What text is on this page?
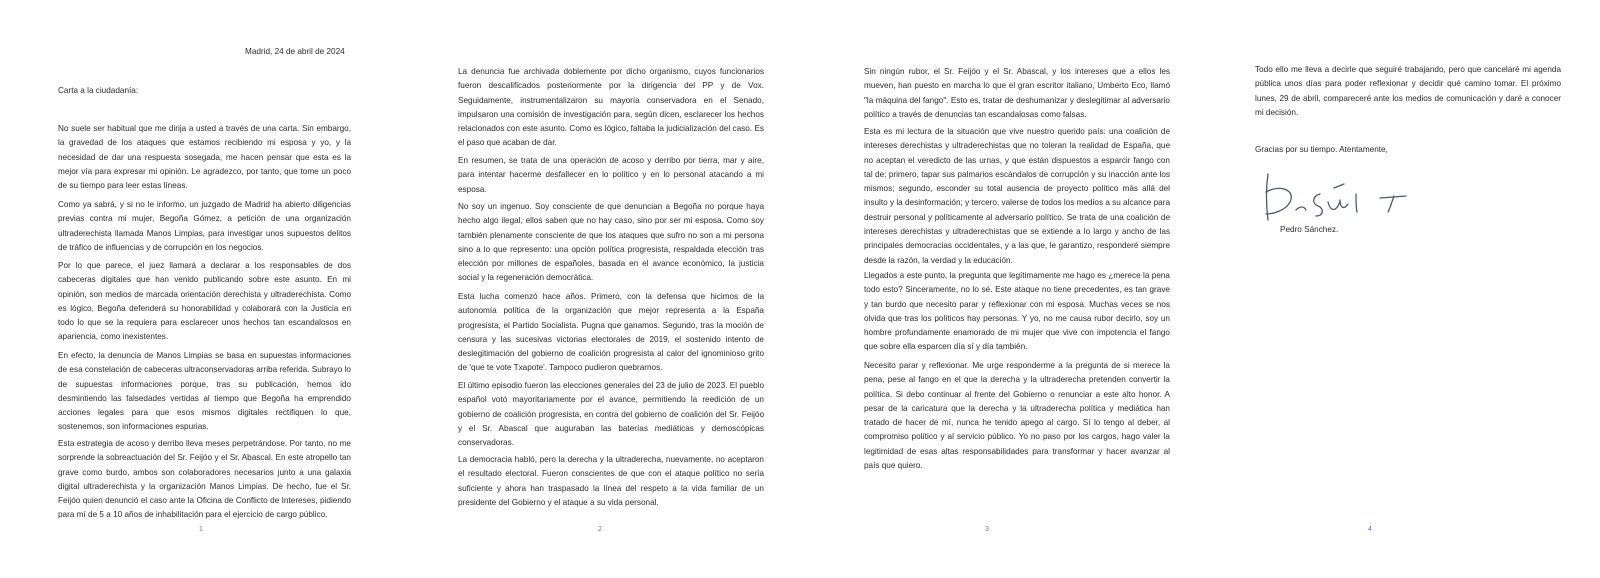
Madrid, 24 de abril de 2024

Carta a la ciudadanía:

No suele ser habitual que me dirija a usted a través de una carta. Sin embargo, la gravedad de los ataques que estamos recibiendo mi esposa y yo, y la necesidad de dar una respuesta sosegada, me hacen pensar que esta es la mejor vía para expresar mi opinión. Le agradezco, por tanto, que tome un poco de su tiempo para leer estas líneas.

Como ya sabrá, y si no le informo, un juzgado de Madrid ha abierto diligencias previas contra mi mujer, Begoña Gómez, a petición de una organización ultraderechista llamada Manos Limpias, para investigar unos supuestos delitos de tráfico de influencias y de corrupción en los negocios.

Por lo que parece, el juez llamará a declarar a los responsables de dos cabeceras digitales que han venido publicando sobre este asunto. En mi opinión, son medios de marcada orientación derechista y ultraderechista. Como es lógico, Begoña defenderá su honorabilidad y colaborará con la Justicia en todo lo que se la requiera para esclarecer unos hechos tan escandalosos en apariencia, como inexistentes.

En efecto, la denuncia de Manos Limpias se basa en supuestas informaciones de esa constelación de cabeceras ultraconservadoras arriba referida. Subrayo lo de supuestas informaciones porque, tras su publicación, hemos ido desmintiendo las falsedades vertidas al tiempo que Begoña ha emprendido acciones legales para que esos mismos digitales rectifiquen lo que, sostenemos, son informaciones espurias.

Esta estrategia de acoso y derribo lleva meses perpetrándose. Por tanto, no me sorprende la sobreactuación del Sr. Feijóo y el Sr. Abascal. En este atropello tan grave como burdo, ambos son colaboradores necesarios junto a una galaxia digital ultraderechista y la organización Manos Limpias. De hecho, fue el Sr. Feijóo quien denunció el caso ante la Oficina de Conflicto de Intereses, pidiendo para mí de 5 a 10 años de inhabilitación para el ejercicio de cargo público.

1

La denuncia fue archivada doblemente por dicho organismo, cuyos funcionarios fueron descalificados posteriormente por la dirigencia del PP y de Vox. Seguidamente, instrumentalizaron su mayoría conservadora en el Senado, impulsaron una comisión de investigación para, según dicen, esclarecer los hechos relacionados con este asunto. Como es lógico, faltaba la judicialización del caso. Es el paso que acaban de dar.

En resumen, se trata de una operación de acoso y derribo por tierra, mar y aire, para intentar hacerme desfallecer en lo político y en lo personal atacando a mi esposa.

No soy un ingenuo. Soy consciente de que denuncian a Begoña no porque haya hecho algo ilegal, ellos saben que no hay caso, sino por ser mi esposa. Como soy también plenamente consciente de que los ataques que sufro no son a mi persona sino a lo que represento: una opción política progresista, respaldada elección tras elección por millones de españoles, basada en el avance económico, la justicia social y la regeneración democrática.

Esta lucha comenzó hace años. Primero, con la defensa que hicimos de la autonomía política de la organización que mejor representa a la España progresista, el Partido Socialista. Pugna que ganamos. Segundo, tras la moción de censura y las sucesivas victorias electorales de 2019, el sostenido intento de deslegitimación del gobierno de coalición progresista al calor del ignominioso grito de 'que te vote Txapote'. Tampoco pudieron quebrarnos.

El último episodio fueron las elecciones generales del 23 de julio de 2023. El pueblo español votó mayoritariamente por el avance, permitiendo la reedición de un gobierno de coalición progresista, en contra del gobierno de coalición del Sr. Feijóo y el Sr. Abascal que auguraban las baterías mediáticas y demoscópicas conservadoras.

La democracia habló, pero la derecha y la ultraderecha, nuevamente, no aceptaron el resultado electoral. Fueron conscientes de que con el ataque político no sería suficiente y ahora han traspasado la línea del respeto a la vida familiar de un presidente del Gobierno y el ataque a su vida personal.

2

Sin ningún rubor, el Sr. Feijóo y el Sr. Abascal, y los intereses que a ellos les mueven, han puesto en marcha lo que el gran escritor italiano, Umberto Eco, llamó "la máquina del fango". Esto es, tratar de deshumanizar y deslegitimar al adversario político a través de denuncias tan escandalosas como falsas.

Esta es mi lectura de la situación que vive nuestro querido país: una coalición de intereses derechistas y ultraderechistas que no toleran la realidad de España, que no aceptan el veredicto de las urnas, y que están dispuestos a esparcir fango con tal de: primero, tapar sus palmarios escándalos de corrupción y su inacción ante los mismos; segundo, esconder su total ausencia de proyecto político más allá del insulto y la desinformación; y tercero, valerse de todos los medios a su alcance para destruir personal y políticamente al adversario político. Se trata de una coalición de intereses derechistas y ultraderechistas que se extiende a lo largo y ancho de las principales democracias occidentales, y a las que, le garantizo, responderé siempre desde la razón, la verdad y la educación.

Llegados a este punto, la pregunta que legítimamente me hago es ¿merece la pena todo esto? Sinceramente, no lo sé. Este ataque no tiene precedentes, es tan grave y tan burdo que necesito parar y reflexionar con mi esposa. Muchas veces se nos olvida que tras los políticos hay personas. Y yo, no me causa rubor decirlo, soy un hombre profundamente enamorado de mi mujer que vive con impotencia el fango que sobre ella esparcen día sí y día también.

Necesito parar y reflexionar. Me urge responderme a la pregunta de si merece la pena, pese al fango en el que la derecha y la ultraderecha pretenden convertir la política. Si debo continuar al frente del Gobierno o renunciar a este alto honor. A pesar de la caricatura que la derecha y la ultraderecha política y mediática han tratado de hacer de mí, nunca he tenido apego al cargo. Sí lo tengo al deber, al compromiso político y al servicio público. Yo no paso por los cargos, hago valer la legitimidad de esas altas responsabilidades para transformar y hacer avanzar al país que quiero.

3

Todo ello me lleva a decirle que seguiré trabajando, pero que cancelaré mi agenda pública unos días para poder reflexionar y decidir qué camino tomar. El próximo lunes, 29 de abril, compareceré ante los medios de comunicación y daré a conocer mi decisión.

Gracias por su tiempo. Atentamente,

Pedro Sánchez.
4
